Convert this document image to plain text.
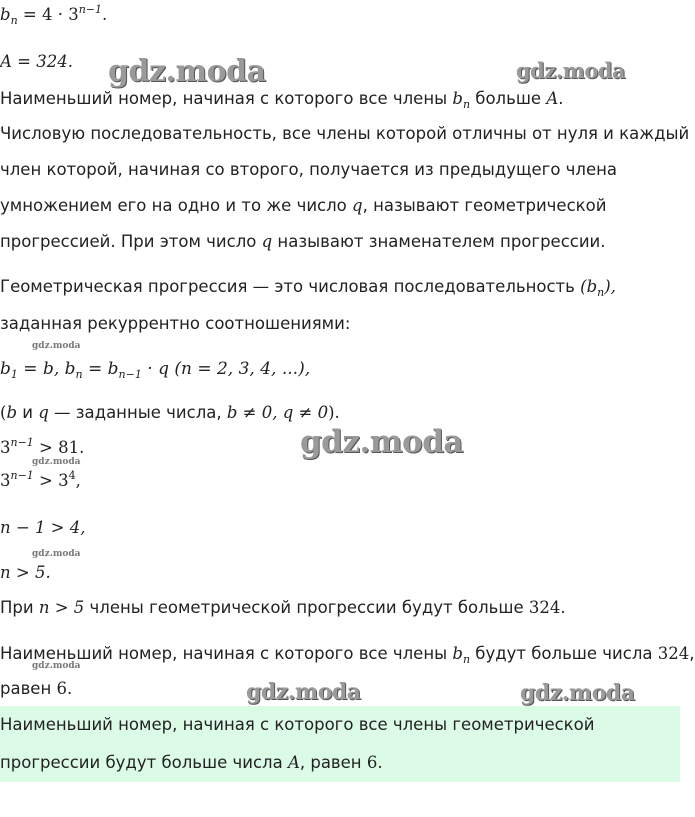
$b_n = 4 \cdot 3^{n-1}$.
A = 324.
Наименьший номер, начиная с которого все члены $b_n$ больше A.
Числовую последовательность, все члены которой отличны от нуля и каждый
член которой, начиная со второго, получается из предыдущего члена
умножением его на одно и то же число q, называют геометрической
прогрессией. При этом число q называют знаменателем прогрессии.
Геометрическая прогрессия — это числовая последовательность $(b_n)$,
заданная рекуррентно соотношениями:
$b_1 = b$, $b_n = b_{n-1} \cdot q$ (n = 2, 3, 4, ...),
(b и q — заданные числа, b ≠ 0, q ≠ 0).
$3^{n-1} > 81$.
$3^{n-1} > 3^4$,
n − 1 > 4,
n > 5.
При n > 5 члены геометрической прогрессии будут больше 324.
Наименьший номер, начиная с которого все члены $b_n$ будут больше числа 324,
равен 6.
Наименьший номер, начиная с которого все члены геометрической
прогрессии будут больше числа A, равен 6.
gdz.moda	gdz.moda
gdz.moda
gdz.moda
gdz.moda
gdz.moda
gdz.moda
gdz.moda	gdz.moda
